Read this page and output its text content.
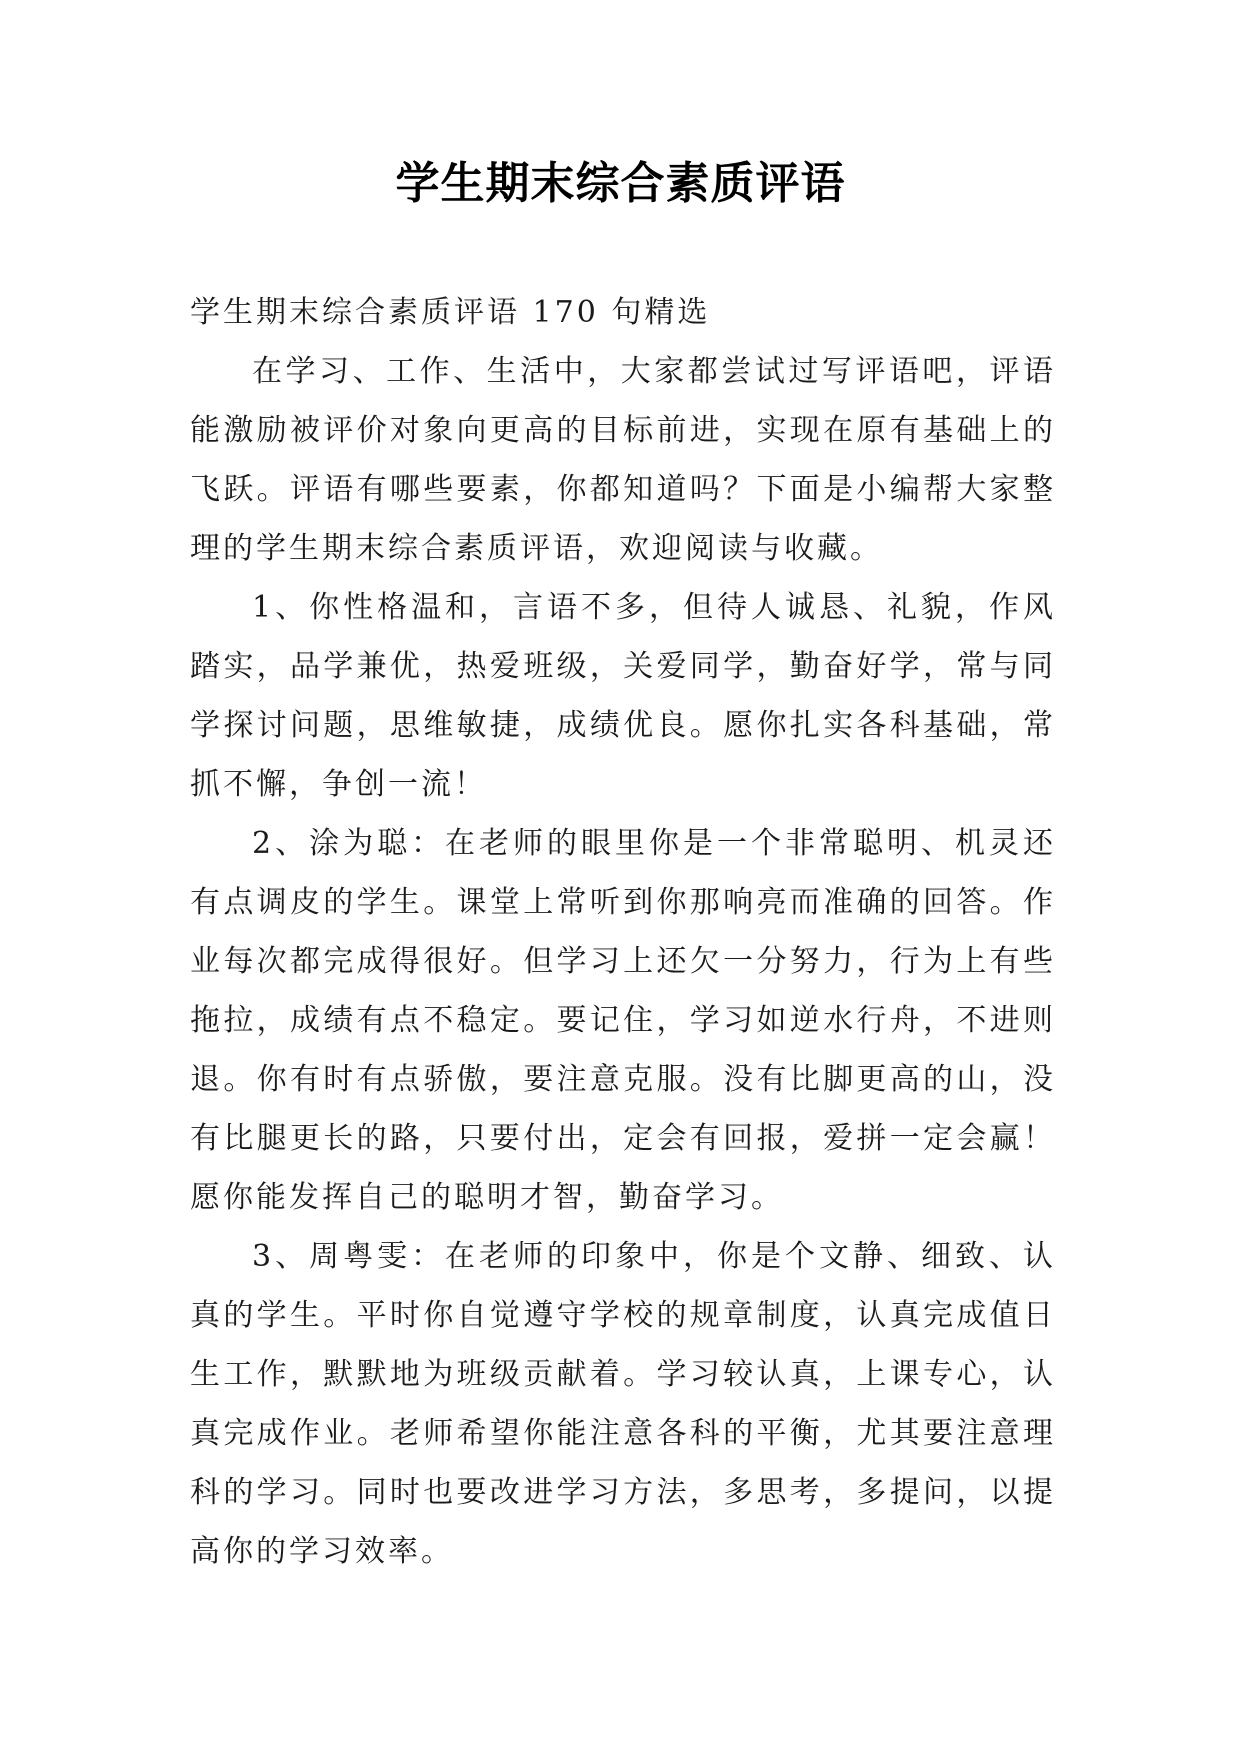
学生期末综合素质评语

学生期末综合素质评语 170 句精选

在学习、工作、生活中，大家都尝试过写评语吧，评语能激励被评价对象向更高的目标前进，实现在原有基础上的飞跃。评语有哪些要素，你都知道吗？下面是小编帮大家整理的学生期末综合素质评语，欢迎阅读与收藏。

1、你性格温和，言语不多，但待人诚恳、礼貌，作风踏实，品学兼优，热爱班级，关爱同学，勤奋好学，常与同学探讨问题，思维敏捷，成绩优良。愿你扎实各科基础，常抓不懈，争创一流！

2、涂为聪：在老师的眼里你是一个非常聪明、机灵还有点调皮的学生。课堂上常听到你那响亮而准确的回答。作业每次都完成得很好。但学习上还欠一分努力，行为上有些拖拉，成绩有点不稳定。要记住，学习如逆水行舟，不进则退。你有时有点骄傲，要注意克服。没有比脚更高的山，没有比腿更长的路，只要付出，定会有回报，爱拼一定会赢！愿你能发挥自己的聪明才智，勤奋学习。

3、周粤雯：在老师的印象中，你是个文静、细致、认真的学生。平时你自觉遵守学校的规章制度，认真完成值日生工作，默默地为班级贡献着。学习较认真，上课专心，认真完成作业。老师希望你能注意各科的平衡，尤其要注意理科的学习。同时也要改进学习方法，多思考，多提问，以提高你的学习效率。
